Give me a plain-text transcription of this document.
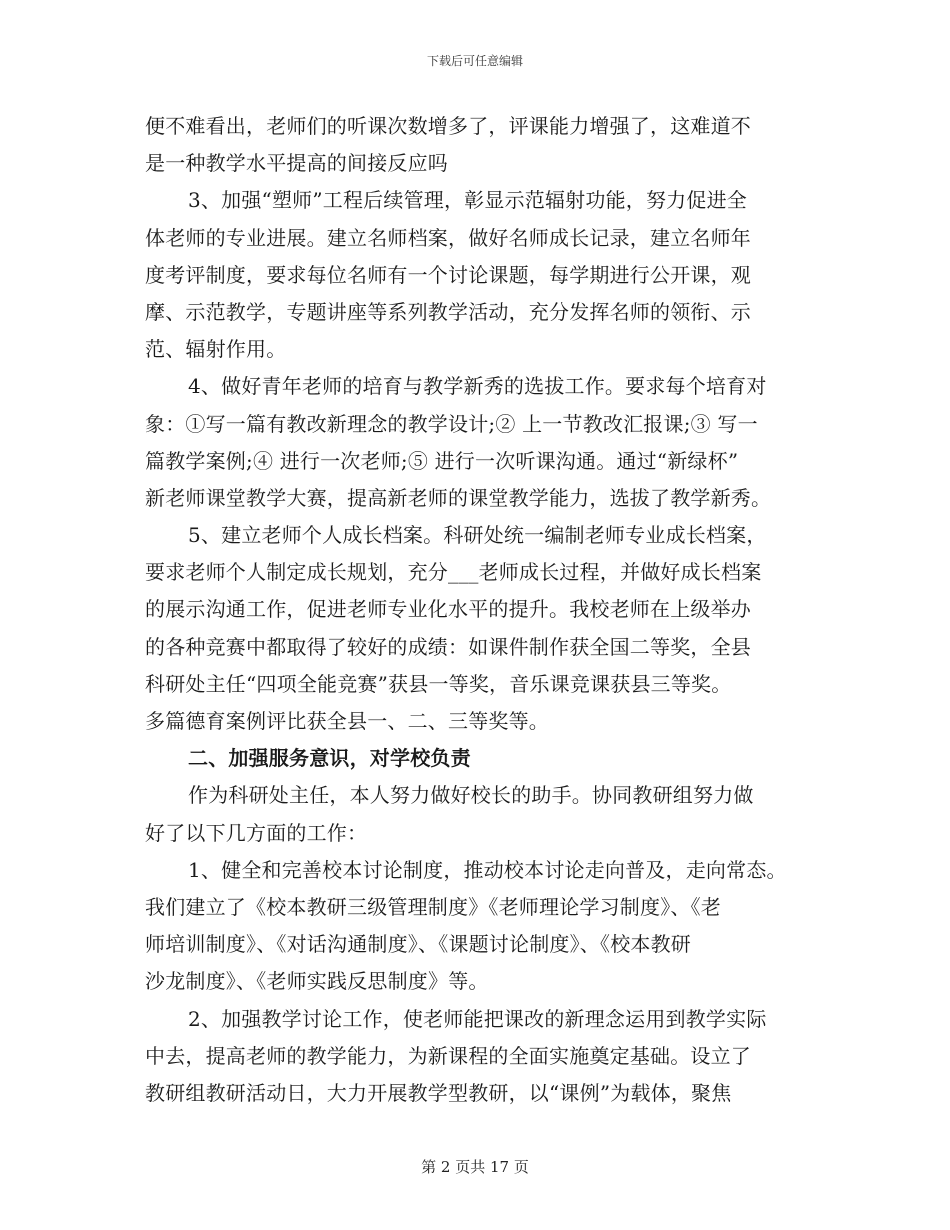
下载后可任意编辑
便不难看出，老师们的听课次数增多了，评课能力增强了，这难道不
是一种教学水平提高的间接反应吗
3、加强“塑师”工程后续管理，彰显示范辐射功能，努力促进全
体老师的专业进展。建立名师档案，做好名师成长记录，建立名师年
度考评制度，要求每位名师有一个讨论课题，每学期进行公开课，观
摩、示范教学，专题讲座等系列教学活动，充分发挥名师的领衔、示
范、辐射作用。
4、做好青年老师的培育与教学新秀的选拔工作。要求每个培育对
象：①写一篇有教改新理念的教学设计;② 上一节教改汇报课;③ 写一
篇教学案例;④ 进行一次老师;⑤ 进行一次听课沟通。通过“新绿杯”
新老师课堂教学大赛，提高新老师的课堂教学能力，选拔了教学新秀。
5、建立老师个人成长档案。科研处统一编制老师专业成长档案，
要求老师个人制定成长规划，充分___老师成长过程，并做好成长档案
的展示沟通工作，促进老师专业化水平的提升。我校老师在上级举办
的各种竞赛中都取得了较好的成绩：如课件制作获全国二等奖，全县
科研处主任“四项全能竞赛”获县一等奖，音乐课竞课获县三等奖。
多篇德育案例评比获全县一、二、三等奖等。
二、加强服务意识，对学校负责
作为科研处主任，本人努力做好校长的助手。协同教研组努力做
好了以下几方面的工作：
1、健全和完善校本讨论制度，推动校本讨论走向普及，走向常态。
我们建立了《校本教研三级管理制度》《老师理论学习制度》、《老
师培训制度》、《对话沟通制度》、《课题讨论制度》、《校本教研
沙龙制度》、《老师实践反思制度》等。
2、加强教学讨论工作，使老师能把课改的新理念运用到教学实际
中去，提高老师的教学能力，为新课程的全面实施奠定基础。设立了
教研组教研活动日，大力开展教学型教研，以“课例”为载体，聚焦
第 2 页共 17 页
